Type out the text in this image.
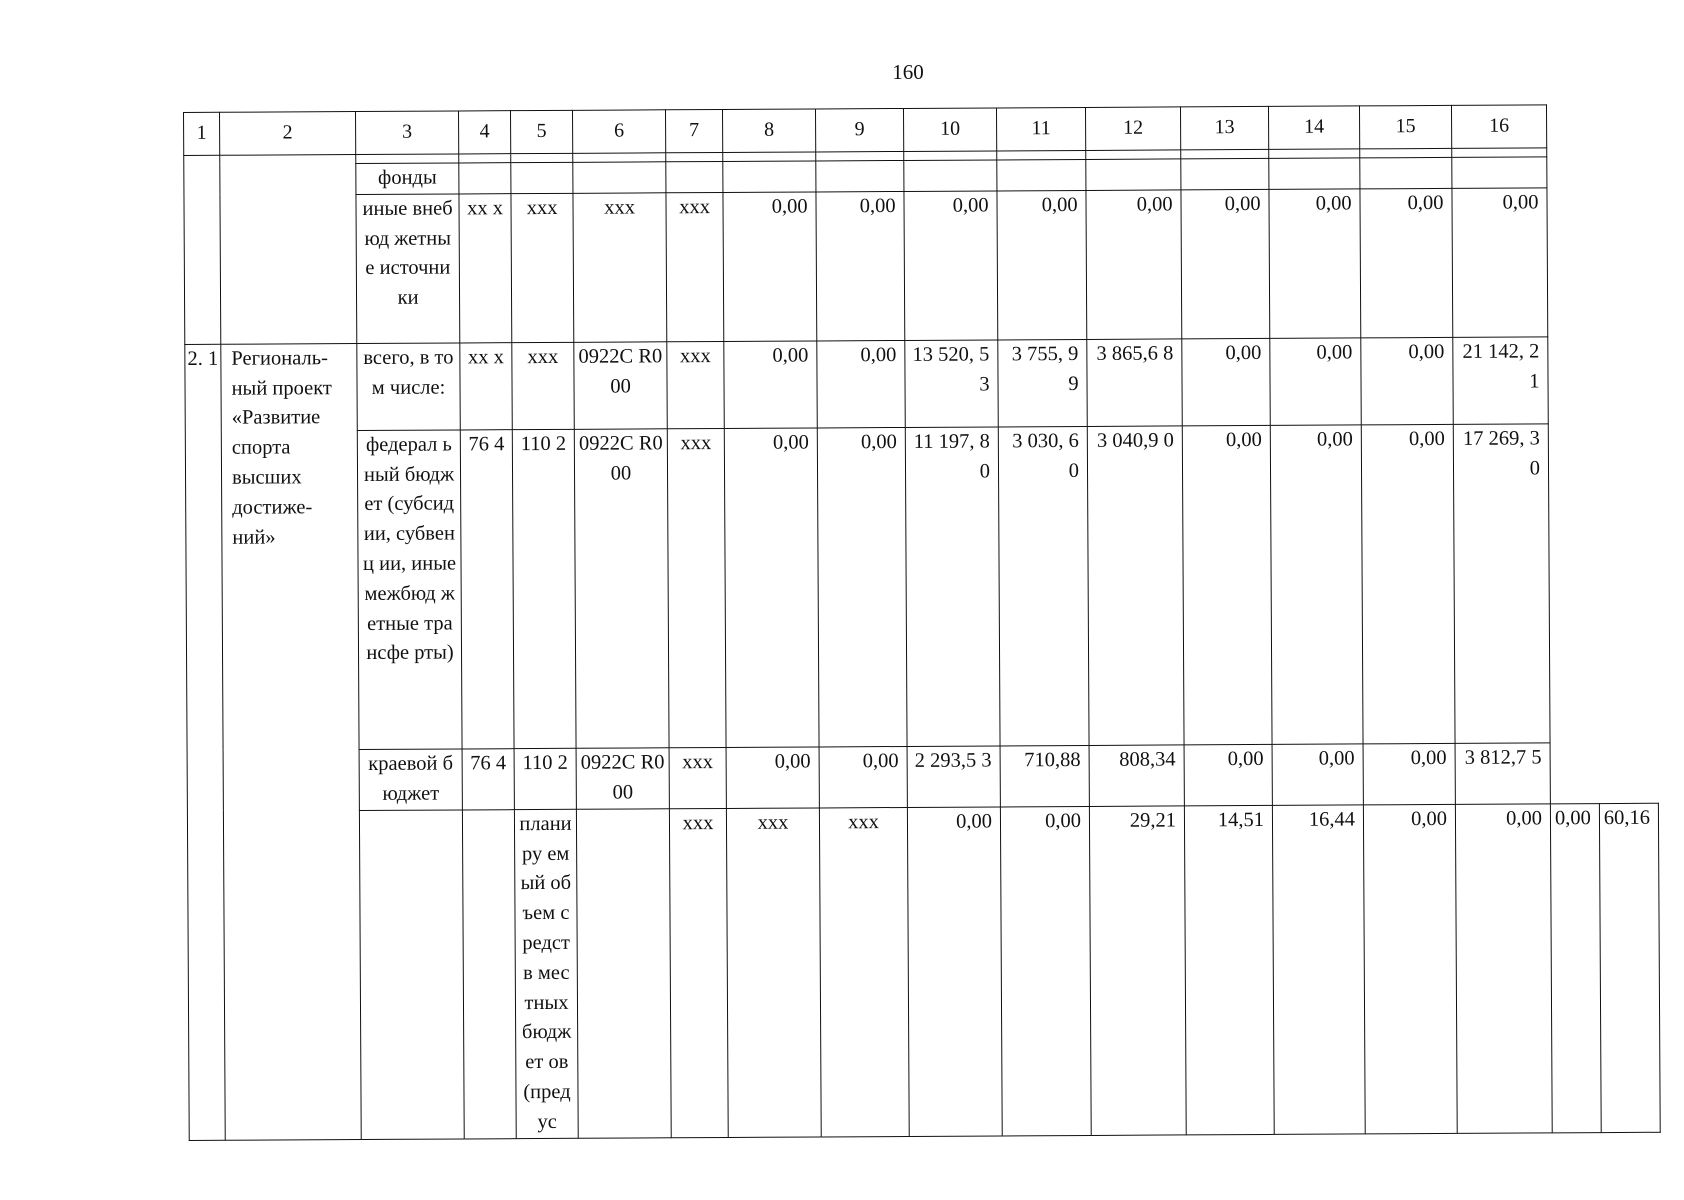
160
1	2	3	4	5	6	7	8	9	10	11	12	13	14	15	16		

		фонды															
		иные внебюд жетные источни ки	xx x	xxx	xxx	xxx	0,00	0,00	0,00	0,00	0,00	0,00	0,00	0,00	0,00		
2. 1	Региональ-ный проект «Развитие спорта высших достиже-ний»	всего, в том числе:	xx x	xxx	0922C R000	xxx	0,00	0,00	13 520, 53	3 755, 99	3 865,6 8	0,00	0,00	0,00	21 142, 21		
		федерал ьный бюджет (субсид ии, субвенц ии, иные межбюд жетные трансфе рты)	76 4	110 2	0922C R000	xxx	0,00	0,00	11 197, 80	3 030, 60	3 040,9 0	0,00	0,00	0,00	17 269, 30		
		краевой бюджет	76 4	110 2	0922C R000	xxx	0,00	0,00	2 293,5 3	710,88	808,34	0,00	0,00	0,00	3 812,7 5		
				планиру емый объем средств местных бюджет ов (предус		xxx	xxx	xxx	0,00	0,00	29,21	14,51	16,44	0,00	0,00	0,00	60,16
